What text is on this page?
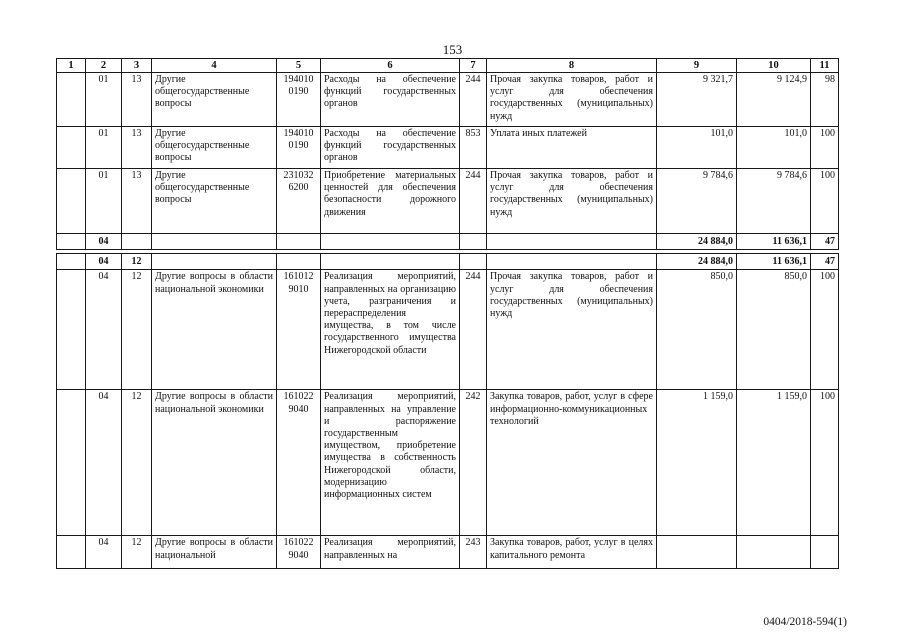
153
1	2	3	4	5	6	7	8	9	10	11
	01	13	Другие общегосударственные вопросы	194010 0190	Расходы на обеспечение функций государственных органов	244	Прочая закупка товаров, работ и услуг для обеспечения государственных (муниципальных) нужд	9 321,7	9 124,9	98
	01	13	Другие общегосударственные вопросы	194010 0190	Расходы на обеспечение функций государственных органов	853	Уплата иных платежей	101,0	101,0	100
	01	13	Другие общегосударственные вопросы	231032 6200	Приобретение материальных ценностей для обеспечения безопасности дорожного движения	244	Прочая закупка товаров, работ и услуг для обеспечения государственных (муниципальных) нужд	9 784,6	9 784,6	100
	04							24 884,0	11 636,1	47

	04	12						24 884,0	11 636,1	47
	04	12	Другие вопросы в области национальной экономики	161012 9010	Реализация мероприятий, направленных на организацию учета, разграничения и перераспределения имущества, в том числе государственного имущества Нижегородской области	244	Прочая закупка товаров, работ и услуг для обеспечения государственных (муниципальных) нужд	850,0	850,0	100
	04	12	Другие вопросы в области национальной экономики	161022 9040	Реализация мероприятий, направленных на управление и распоряжение государственным имуществом, приобретение имущества в собственность Нижегородской области, модернизацию информационных систем	242	Закупка товаров, работ, услуг в сфере информационно-коммуникационных технологий	1 159,0	1 159,0	100
	04	12	Другие вопросы в области национальной	161022 9040	Реализация мероприятий, направленных на	243	Закупка товаров, работ, услуг в целях капитального ремонта			
0404/2018-594(1)
